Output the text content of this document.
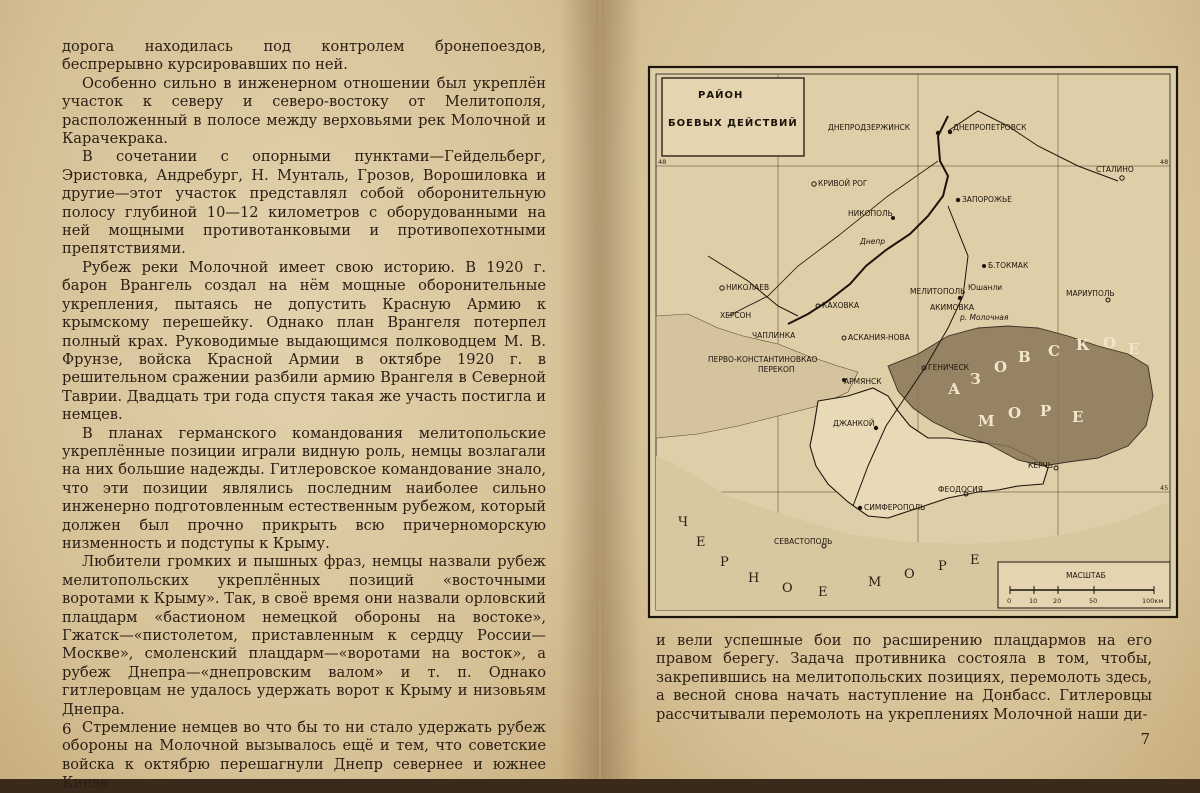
дорога находилась под контролем бронепоездов, беспрерывно курсировавших по ней.

Особенно сильно в инженерном отношении был укреплён участок к северу и северо-востоку от Мелитополя, расположенный в полосе между верховьями рек Молочной и Карачекрака.

В сочетании с опорными пунктами—Гейдельберг, Эристовка, Андребург, Н. Мунталь, Грозов, Ворошиловка и другие—этот участок представлял собой оборонительную полосу глубиной 10—12 километров с оборудованными на ней мощными противотанковыми и противопехотными препятствиями.

Рубеж реки Молочной имеет свою историю. В 1920 г. барон Врангель создал на нём мощные оборонительные укрепления, пытаясь не допустить Красную Армию к крымскому перешейку. Однако план Врангеля потерпел полный крах. Руководимые выдающимся полководцем М. В. Фрунзе, войска Красной Армии в октябре 1920 г. в решительном сражении разбили армию Врангеля в Северной Таврии. Двадцать три года спустя такая же участь постигла и немцев.

В планах германского командования мелитопольские укреплённые позиции играли видную роль, немцы возлагали на них большие надежды. Гитлеровское командование знало, что эти позиции являлись последним наиболее сильно инженерно подготовленным естественным рубежом, который должен был прочно прикрыть всю причерноморскую низменность и подступы к Крыму.

Любители громких и пышных фраз, немцы назвали рубеж мелитопольских укреплённых позиций «восточными воротами к Крыму». Так, в своё время они назвали орловский плацдарм «бастионом немецкой обороны на востоке», Гжатск—«пистолетом, приставленным к сердцу России—Москве», смоленский плацдарм—«воротами на восток», а рубеж Днепра—«днепровским валом» и т. п. Однако гитлеровцам не удалось удержать ворот к Крыму и низовьям Днепра.

Стремление немцев во что бы то ни стало удержать рубеж обороны на Молочной вызывалось ещё и тем, что советские войска к октябрю перешагнули Днепр севернее и южнее Киева

6
7
48	48
45
РАЙОН
БОЕВЫХ ДЕЙСТВИЙ	ДНЕПРОДЗЕРЖИНСК	ДНЕПРОПЕТРОВСК
СТАЛИНО
КРИВОЙ РОГ
ЗАПОРОЖЬЕ
НИКОПОЛЬ
Днепр
Б.ТОКМАК
МАРИУПОЛЬ
НИКОЛАЕВ
КАХОВКА
МЕЛИТОПОЛЬ Юшанли
АКИМОВКА
р. Молочная
ХЕРСОН
ЧАПЛИНКА	АСКАНИЯ-НОВА
ПЕРВО-КОНСТАНТИНОВКАО
ПЕРЕКОП
АРМЯНСК
ГЕНИЧЕСК
ДЖАНКОЙ
КЕРЧЬ
ФЕОДОСИЯ
СИМФЕРОПОЛЬ
СЕВАСТОПОЛЬ
А
З
О
В С К О Е
М О Р Е
Ч
Е
Р
Н
О Е
М
О
Р Е
МАСШТАБ
0	10 20	50	100км

и вели успешные бои по расширению плацдармов на его правом берегу. Задача противника состояла в том, чтобы, закрепившись на мелитопольских позициях, перемолоть здесь, а весной снова начать наступление на Донбасс. Гитлеровцы рассчитывали перемолоть на укреплениях Молочной наши ди-
